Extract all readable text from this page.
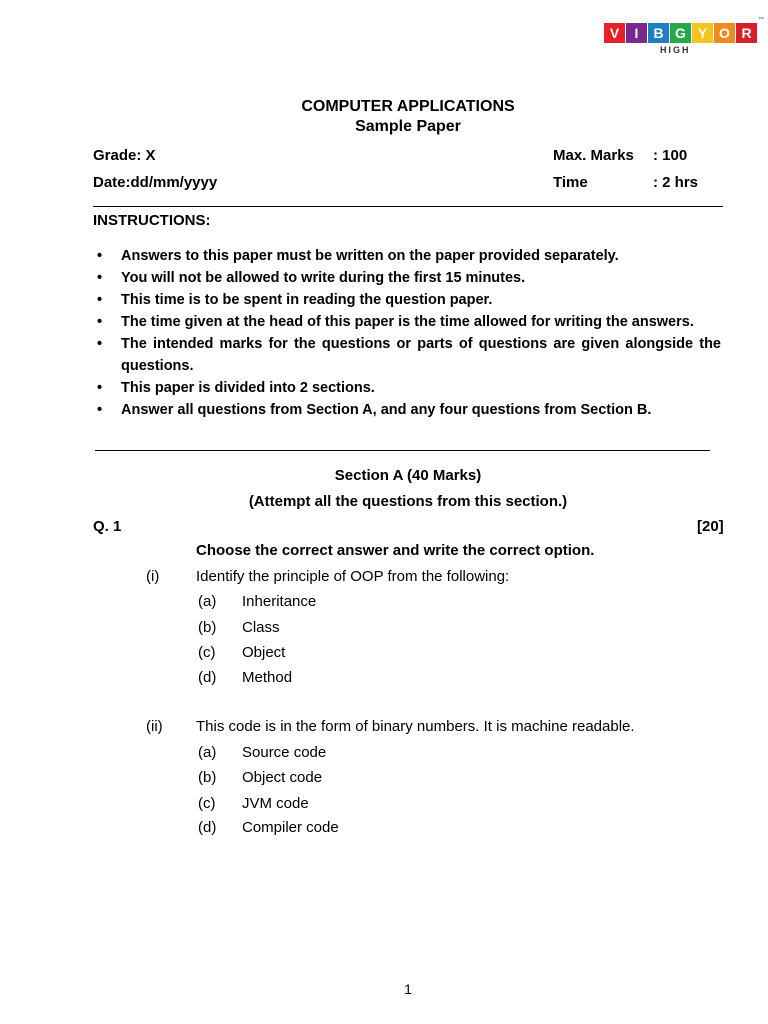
V	I	B G Y O R
HIGH
™
COMPUTER APPLICATIONS
Sample Paper
Grade: X
Date:dd/mm/yyyy
Max. Marks : 100
Time	: 2 hrs
INSTRUCTIONS:
• Answers to this paper must be written on the paper provided separately.
• You will not be allowed to write during the first 15 minutes.
• This time is to be spent in reading the question paper.
• The time given at the head of this paper is the time allowed for writing the answers.
• The intended marks for the questions or parts of questions are given alongside the questions.
• This paper is divided into 2 sections.
• Answer all questions from Section A, and any four questions from Section B.
Section A (40 Marks)
(Attempt all the questions from this section.)
Q. 1	[20]
Choose the correct answer and write the correct option.
(i) Identify the principle of OOP from the following:
(a) Inheritance
(b) Class
(c) Object
(d) Method
(ii) This code is in the form of binary numbers. It is machine readable.
(a) Source code
(b) Object code
(c) JVM code
(d) Compiler code
1
